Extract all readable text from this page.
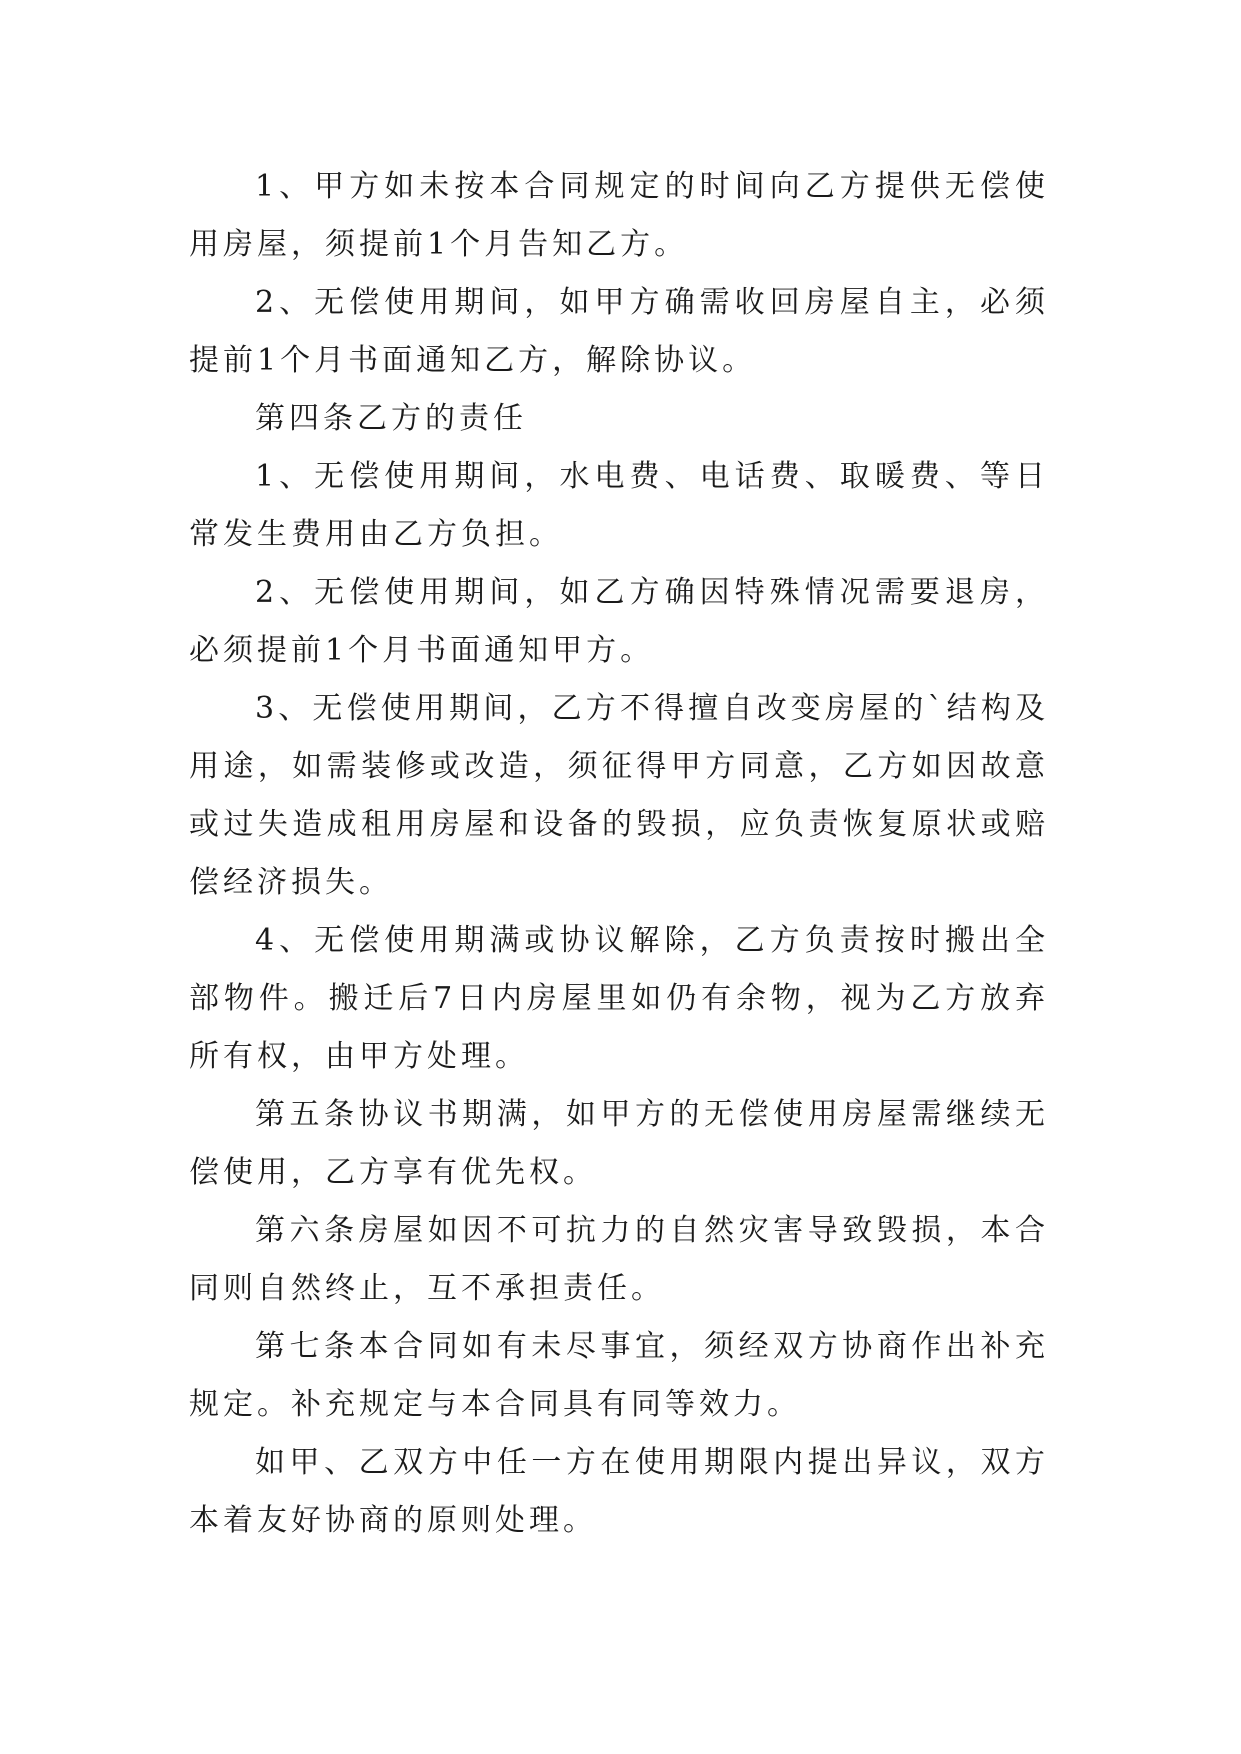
1、甲方如未按本合同规定的时间向乙方提供无偿使用房屋，须提前1个月告知乙方。

2、无偿使用期间，如甲方确需收回房屋自主，必须提前1个月书面通知乙方，解除协议。

第四条乙方的责任

1、无偿使用期间，水电费、电话费、取暖费、等日常发生费用由乙方负担。

2、无偿使用期间，如乙方确因特殊情况需要退房，必须提前1个月书面通知甲方。

3、无偿使用期间，乙方不得擅自改变房屋的`结构及用途，如需装修或改造，须征得甲方同意，乙方如因故意或过失造成租用房屋和设备的毁损，应负责恢复原状或赔偿经济损失。

4、无偿使用期满或协议解除，乙方负责按时搬出全部物件。搬迁后7日内房屋里如仍有余物，视为乙方放弃所有权，由甲方处理。

第五条协议书期满，如甲方的无偿使用房屋需继续无偿使用，乙方享有优先权。

第六条房屋如因不可抗力的自然灾害导致毁损，本合同则自然终止，互不承担责任。

第七条本合同如有未尽事宜，须经双方协商作出补充规定。补充规定与本合同具有同等效力。

如甲、乙双方中任一方在使用期限内提出异议，双方本着友好协商的原则处理。
